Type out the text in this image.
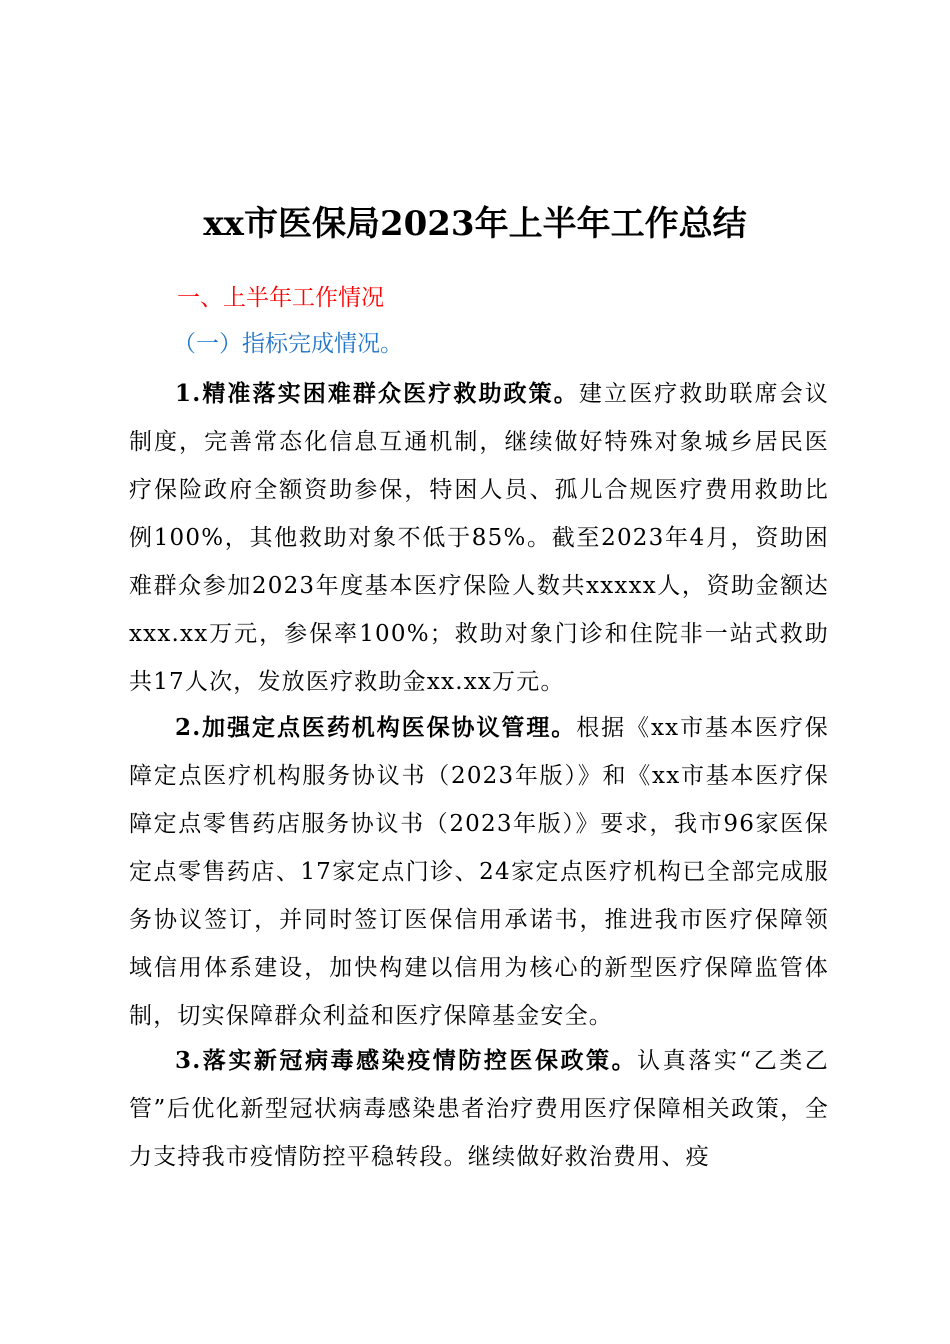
xx市医保局2023年上半年工作总结
一、上半年工作情况
（一）指标完成情况。
1.精准落实困难群众医疗救助政策。建立医疗救助联席会议制度，完善常态化信息互通机制，继续做好特殊对象城乡居民医疗保险政府全额资助参保，特困人员、孤儿合规医疗费用救助比例100%，其他救助对象不低于85%。截至2023年4月，资助困难群众参加2023年度基本医疗保险人数共xxxxx人，资助金额达xxx.xx万元，参保率100%；救助对象门诊和住院非一站式救助共17人次，发放医疗救助金xx.xx万元。
2.加强定点医药机构医保协议管理。根据《xx市基本医疗保障定点医疗机构服务协议书（2023年版）》和《xx市基本医疗保障定点零售药店服务协议书（2023年版）》要求，我市96家医保定点零售药店、17家定点门诊、24家定点医疗机构已全部完成服务协议签订，并同时签订医保信用承诺书，推进我市医疗保障领域信用体系建设，加快构建以信用为核心的新型医疗保障监管体制，切实保障群众利益和医疗保障基金安全。
3.落实新冠病毒感染疫情防控医保政策。认真落实“乙类乙管”后优化新型冠状病毒感染患者治疗费用医疗保障相关政策，全力支持我市疫情防控平稳转段。继续做好救治费用、疫
